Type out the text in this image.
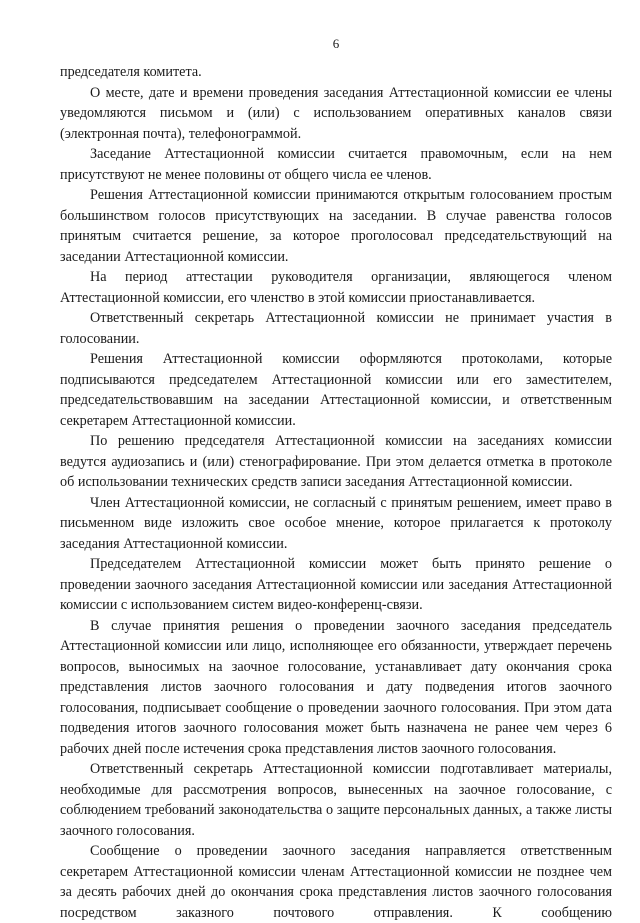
6

председателя комитета.

О месте, дате и времени проведения заседания Аттестационной комиссии ее члены уведомляются письмом и (или) с использованием оперативных каналов связи (электронная почта), телефонограммой.

Заседание Аттестационной комиссии считается правомочным, если на нем присутствуют не менее половины от общего числа ее членов.

Решения Аттестационной комиссии принимаются открытым голосованием простым большинством голосов присутствующих на заседании. В случае равенства голосов принятым считается решение, за которое проголосовал председательствующий на заседании Аттестационной комиссии.

На период аттестации руководителя организации, являющегося членом Аттестационной комиссии, его членство в этой комиссии приостанавливается.

Ответственный секретарь Аттестационной комиссии не принимает участия в голосовании.

Решения Аттестационной комиссии оформляются протоколами, которые подписываются председателем Аттестационной комиссии или его заместителем, председательствовавшим на заседании Аттестационной комиссии, и ответственным секретарем Аттестационной комиссии.

По решению председателя Аттестационной комиссии на заседаниях комиссии ведутся аудиозапись и (или) стенографирование. При этом делается отметка в протоколе об использовании технических средств записи заседания Аттестационной комиссии.

Член Аттестационной комиссии, не согласный с принятым решением, имеет право в письменном виде изложить свое особое мнение, которое прилагается к протоколу заседания Аттестационной комиссии.

Председателем Аттестационной комиссии может быть принято решение о проведении заочного заседания Аттестационной комиссии или заседания Аттестационной комиссии с использованием систем видео-конференц-связи.

В случае принятия решения о проведении заочного заседания председатель Аттестационной комиссии или лицо, исполняющее его обязанности, утверждает перечень вопросов, выносимых на заочное голосование, устанавливает дату окончания срока представления листов заочного голосования и дату подведения итогов заочного голосования, подписывает сообщение о проведении заочного голосования. При этом дата подведения итогов заочного голосования может быть назначена не ранее чем через 6 рабочих дней после истечения срока представления листов заочного голосования.

Ответственный секретарь Аттестационной комиссии подготавливает материалы, необходимые для рассмотрения вопросов, вынесенных на заочное голосование, с соблюдением требований законодательства о защите персональных данных, а также листы заочного голосования.

Сообщение о проведении заочного заседания направляется ответственным секретарем Аттестационной комиссии членам Аттестационной комиссии не позднее чем за десять рабочих дней до окончания срока представления листов заочного голосования посредством заказного почтового отправления. К сообщению
